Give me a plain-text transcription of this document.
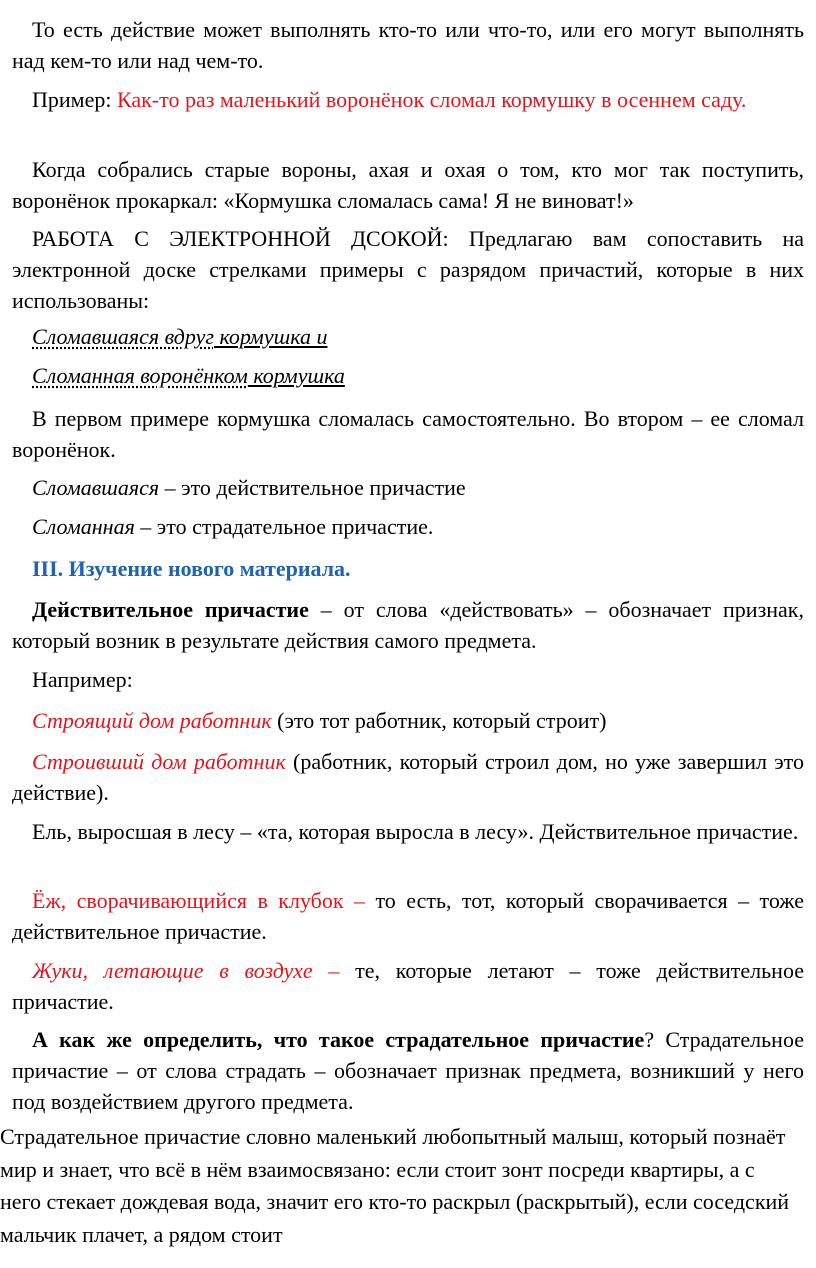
То есть действие может выполнять кто-то или что-то, или его могут выполнять над кем-то или над чем-то.

Пример: Как-то раз маленький воронёнок сломал кормушку в осеннем саду.

Когда собрались старые вороны, ахая и охая о том, кто мог так поступить, воронёнок прокаркал: «Кормушка сломалась сама! Я не виноват!»

РАБОТА С ЭЛЕКТРОННОЙ ДСОКОЙ: Предлагаю вам сопоставить на электронной доске стрелками примеры с разрядом причастий, которые в них использованы:

Сломавшаяся вдруг кормушка и

Сломанная воронёнком кормушка

В первом примере кормушка сломалась самостоятельно. Во втором – ее сломал воронёнок.

Сломавшаяся – это действительное причастие

Сломанная – это страдательное причастие.

III. Изучение нового материала.

Действительное причастие – от слова «действовать» – обозначает признак, который возник в результате действия самого предмета.

Например:

Строящий дом работник (это тот работник, который строит)

Строивший дом работник (работник, который строил дом, но уже завершил это действие).

Ель, выросшая в лесу – «та, которая выросла в лесу». Действительное причастие.

Ёж, сворачивающийся в клубок – то есть, тот, который сворачивается – тоже действительное причастие.

Жуки, летающие в воздухе – те, которые летают – тоже действительное причастие.

А как же определить, что такое страдательное причастие? Страдательное причастие – от слова страдать – обозначает признак предмета, возникший у него под воздействием другого предмета.

Страдательное причастие словно маленький любопытный малыш, который познаёт мир и знает, что всё в нём взаимосвязано: если стоит зонт посреди квартиры, а с него стекает дождевая вода, значит его кто-то раскрыл (раскрытый), если соседский мальчик плачет, а рядом стоит
